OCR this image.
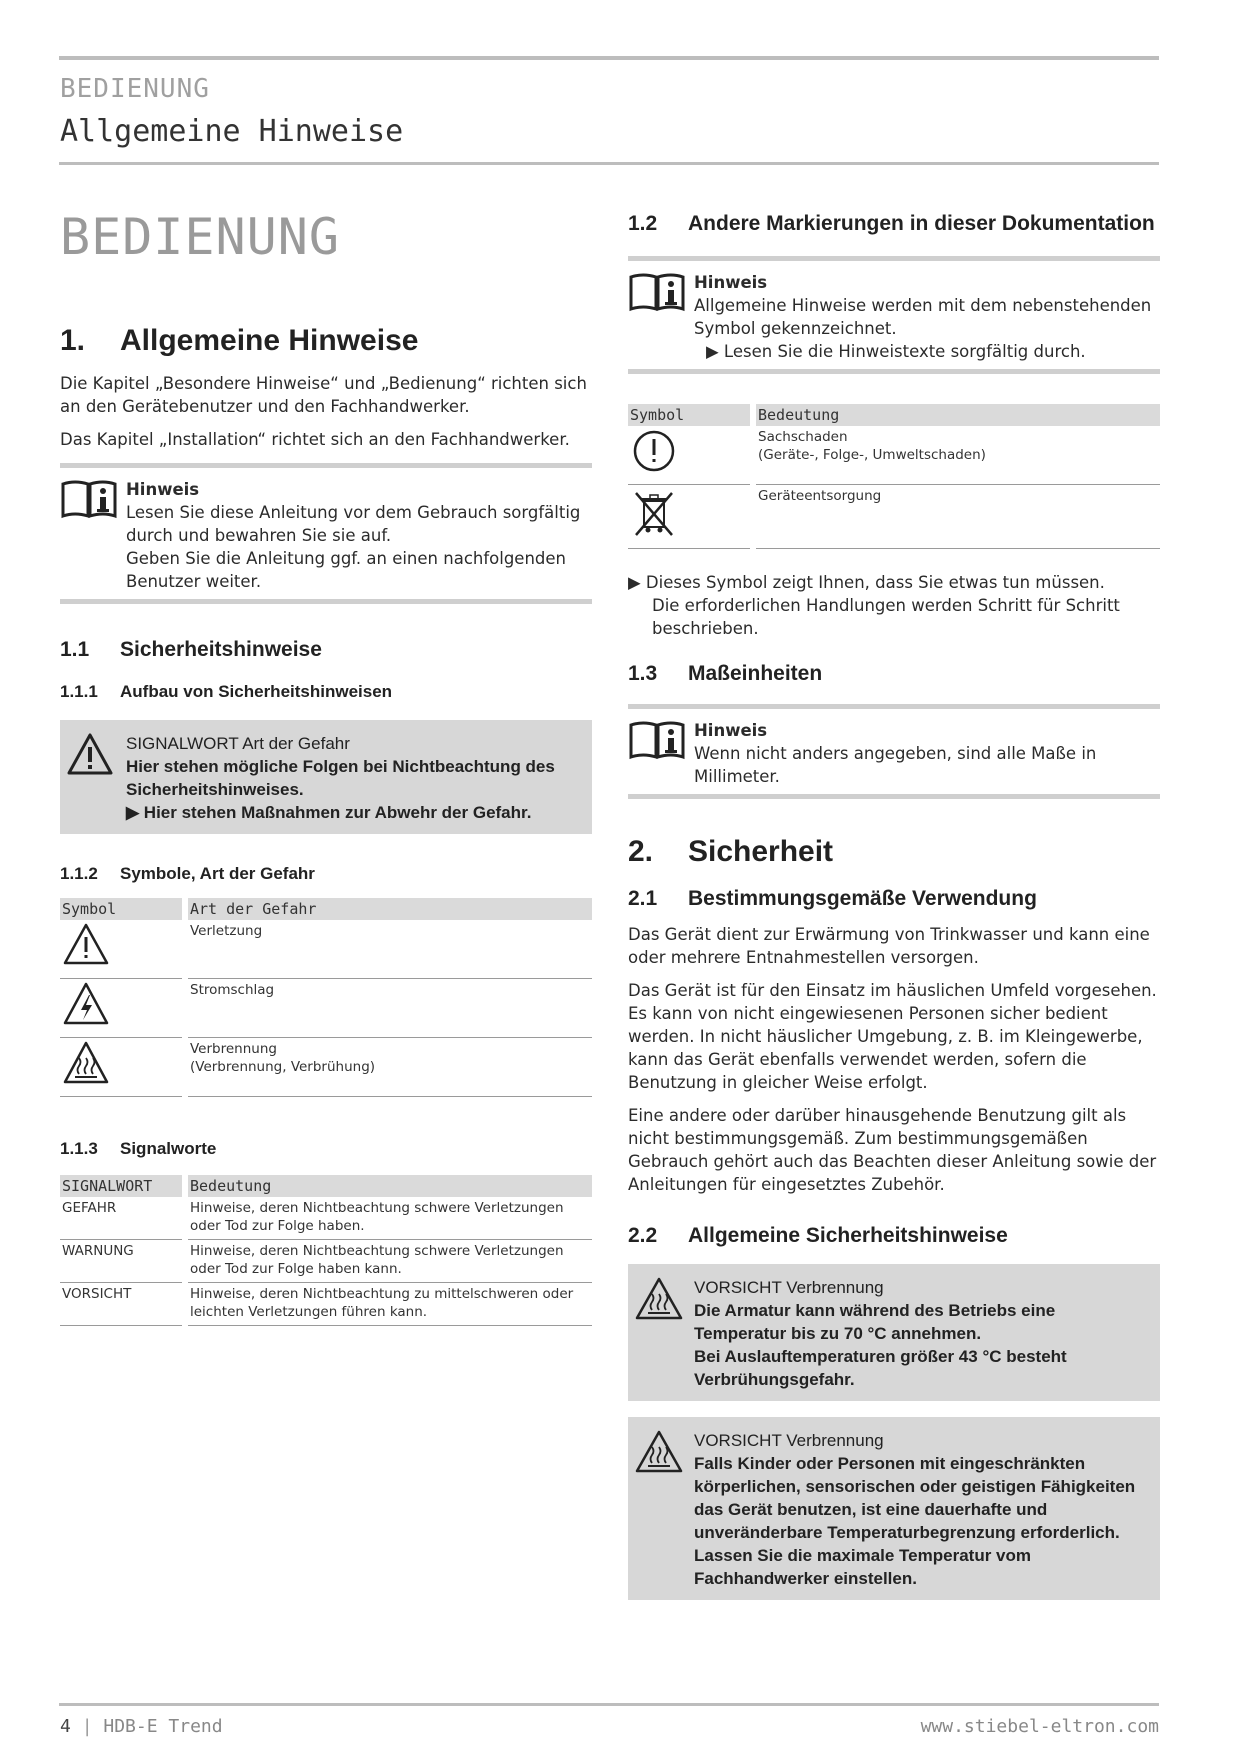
BEDIENUNG
Allgemeine Hinweise
BEDIENUNG
1.	Allgemeine Hinweise

Die Kapitel „Besondere Hinweise“ und „Bedienung“ richten sich an den Gerätebenutzer und den Fachhandwerker.

Das Kapitel „Installation“ richtet sich an den Fachhandwerker.

Hinweis

Lesen Sie diese Anleitung vor dem Gebrauch sorgfältig durch und bewahren Sie sie auf.

Geben Sie die Anleitung ggf. an einen nachfolgenden Benutzer weiter.

1.1	Sicherheitshinweise
1.1.1	Aufbau von Sicherheitshinweisen
SIGNALWORT Art der Gefahr
Hier stehen mögliche Folgen bei Nichtbeachtung des Sicherheitshinweises.
▶ Hier stehen Maßnahmen zur Abwehr der Gefahr.
1.1.2	Symbole, Art der Gefahr
Symbol		Art der Gefahr
		Verletzung
		Stromschlag
		Verbrennung
(Verbrennung, Verbrühung)
1.1.3	Signalworte
SIGNALWORT		Bedeutung
GEFAHR		Hinweise, deren Nichtbeachtung schwere Verletzungen oder Tod zur Folge haben.
WARNUNG		Hinweise, deren Nichtbeachtung schwere Verletzungen oder Tod zur Folge haben kann.
VORSICHT		Hinweise, deren Nichtbeachtung zu mittelschweren oder leichten Verletzungen führen kann.
1.2	Andere Markierungen in dieser Dokumentation
Hinweis

Allgemeine Hinweise werden mit dem nebenstehenden Symbol gekennzeichnet.

▶ Lesen Sie die Hinweistexte sorgfältig durch.

Symbol		Bedeutung
		Sachschaden
(Geräte-, Folge-, Umweltschaden)
		Geräteentsorgung

▶ Dieses Symbol zeigt Ihnen, dass Sie etwas tun müssen.

Die erforderlichen Handlungen werden Schritt für Schritt beschrieben.

1.3	Maßeinheiten
Hinweis

Wenn nicht anders angegeben, sind alle Maße in Millimeter.

2.	Sicherheit
2.1	Bestimmungsgemäße Verwendung

Das Gerät dient zur Erwärmung von Trinkwasser und kann eine oder mehrere Entnahmestellen versorgen.

Das Gerät ist für den Einsatz im häuslichen Umfeld vorgesehen. Es kann von nicht eingewiesenen Personen sicher bedient werden. In nicht häuslicher Umgebung, z. B. im Kleingewerbe, kann das Gerät ebenfalls verwendet werden, sofern die Benutzung in gleicher Weise erfolgt.

Eine andere oder darüber hinausgehende Benutzung gilt als nicht bestimmungsgemäß. Zum bestimmungsgemäßen Gebrauch gehört auch das Beachten dieser Anleitung sowie der Anleitungen für eingesetztes Zubehör.

2.2	Allgemeine Sicherheitshinweise
VORSICHT Verbrennung
Die Armatur kann während des Betriebs eine Temperatur bis zu 70 °C annehmen.
Bei Auslauftemperaturen größer 43 °C besteht Verbrühungsgefahr.
VORSICHT Verbrennung
Falls Kinder oder Personen mit eingeschränkten körperlichen, sensorischen oder geistigen Fähigkeiten das Gerät benutzen, ist eine dauerhafte und unveränderbare Temperaturbegrenzung erforderlich. Lassen Sie die maximale Temperatur vom Fachhandwerker einstellen.
4 | HDB-E Trend	www.stiebel-eltron.com
